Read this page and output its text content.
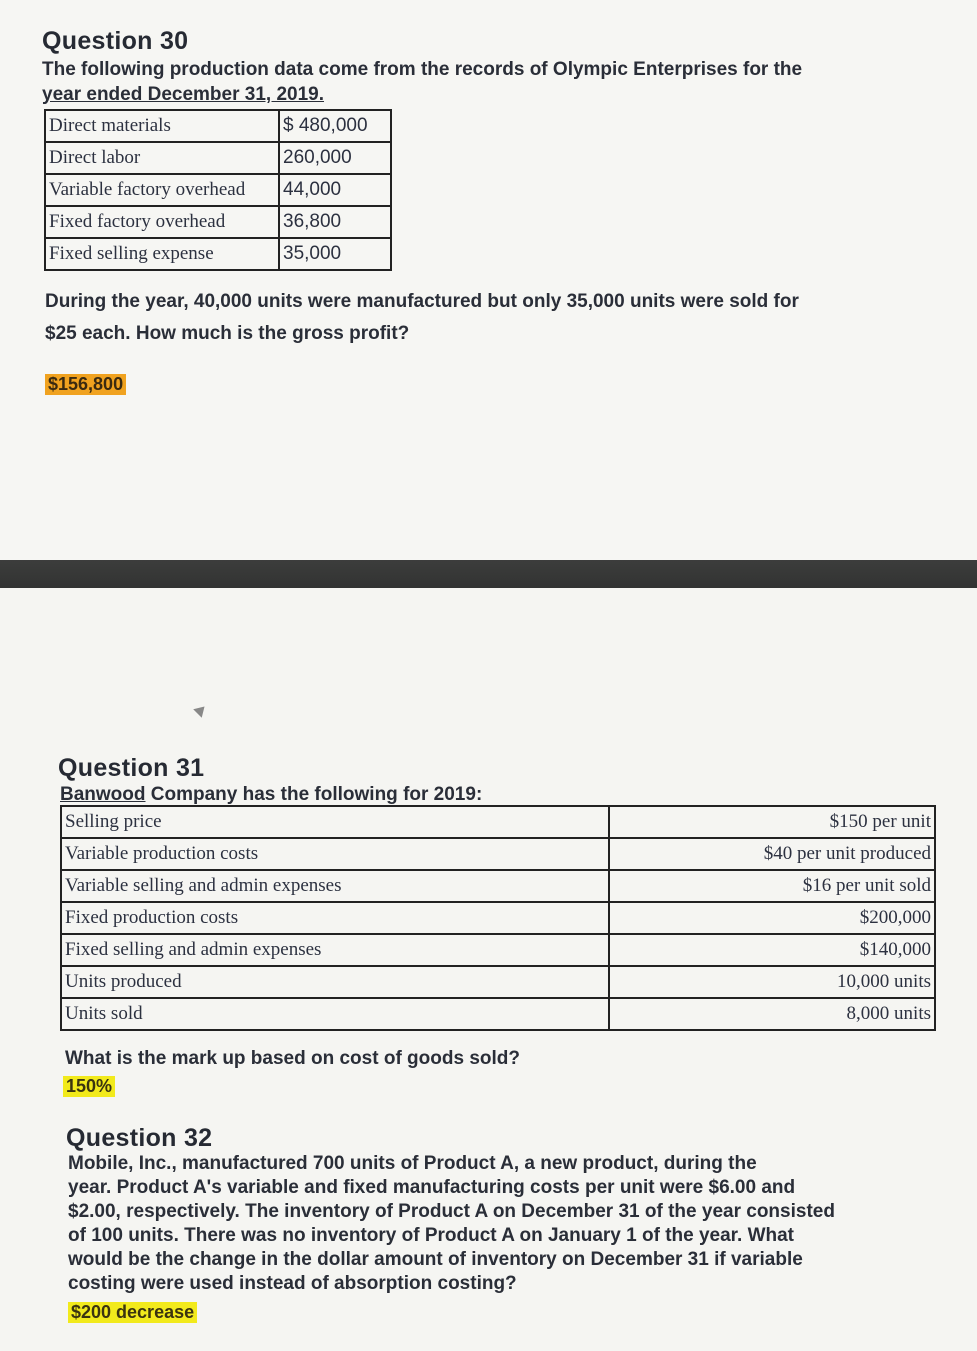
Question 30
The following production data come from the records of Olympic Enterprises for the
year ended December 31, 2019.
Direct materials	$ 480,000
Direct labor	260,000
Variable factory overhead	44,000
Fixed factory overhead	36,800
Fixed selling expense	35,000
During the year, 40,000 units were manufactured but only 35,000 units were sold for
$25 each. How much is the gross profit?
$156,800
Question 31
Banwood Company has the following for 2019:
Selling price	$150 per unit
Variable production costs	$40 per unit produced
Variable selling and admin expenses	$16 per unit sold
Fixed production costs	$200,000
Fixed selling and admin expenses	$140,000
Units produced	10,000 units
Units sold	8,000 units
What is the mark up based on cost of goods sold?
150%
Question 32
Mobile, Inc., manufactured 700 units of Product A, a new product, during the
year. Product A's variable and fixed manufacturing costs per unit were $6.00 and
$2.00, respectively. The inventory of Product A on December 31 of the year consisted
of 100 units. There was no inventory of Product A on January 1 of the year. What
would be the change in the dollar amount of inventory on December 31 if variable
costing were used instead of absorption costing?
$200 decrease
